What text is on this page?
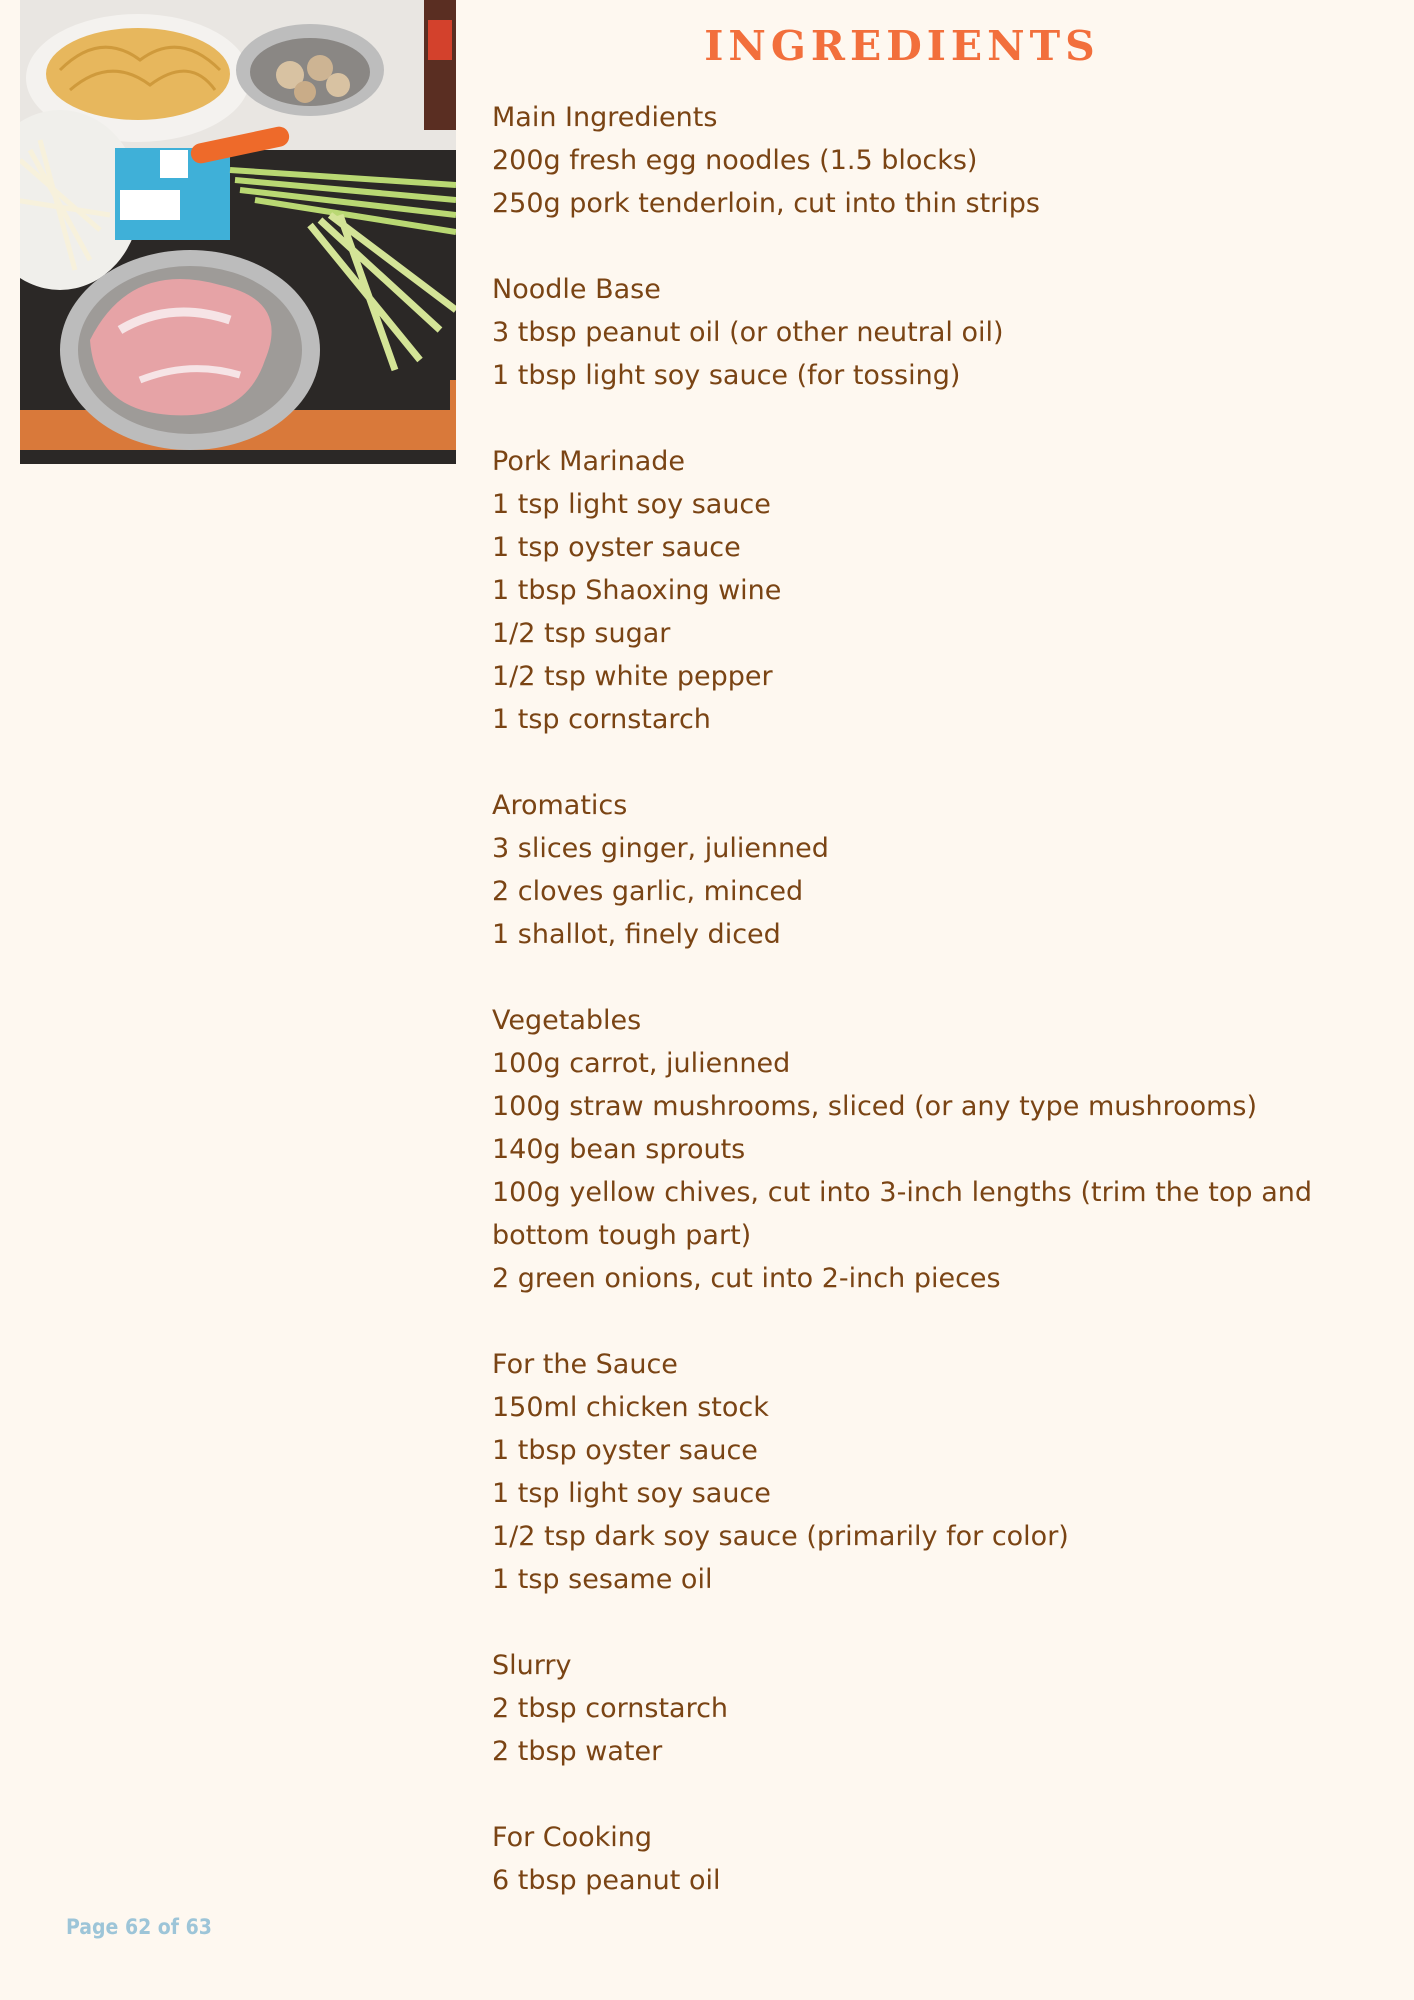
INGREDIENTS
Main Ingredients
200g fresh egg noodles (1.5 blocks)
250g pork tenderloin, cut into thin strips
Noodle Base
3 tbsp peanut oil (or other neutral oil)
1 tbsp light soy sauce (for tossing)
Pork Marinade
1 tsp light soy sauce
1 tsp oyster sauce
1 tbsp Shaoxing wine
1/2 tsp sugar
1/2 tsp white pepper
1 tsp cornstarch
Aromatics
3 slices ginger, julienned
2 cloves garlic, minced
1 shallot, finely diced
Vegetables
100g carrot, julienned
100g straw mushrooms, sliced (or any type mushrooms)
140g bean sprouts
100g yellow chives, cut into 3-inch lengths (trim the top and bottom tough part)
2 green onions, cut into 2-inch pieces
For the Sauce
150ml chicken stock
1 tbsp oyster sauce
1 tsp light soy sauce
1/2 tsp dark soy sauce (primarily for color)
1 tsp sesame oil
Slurry
2 tbsp cornstarch
2 tbsp water
For Cooking
6 tbsp peanut oil
Page 62 of 63
